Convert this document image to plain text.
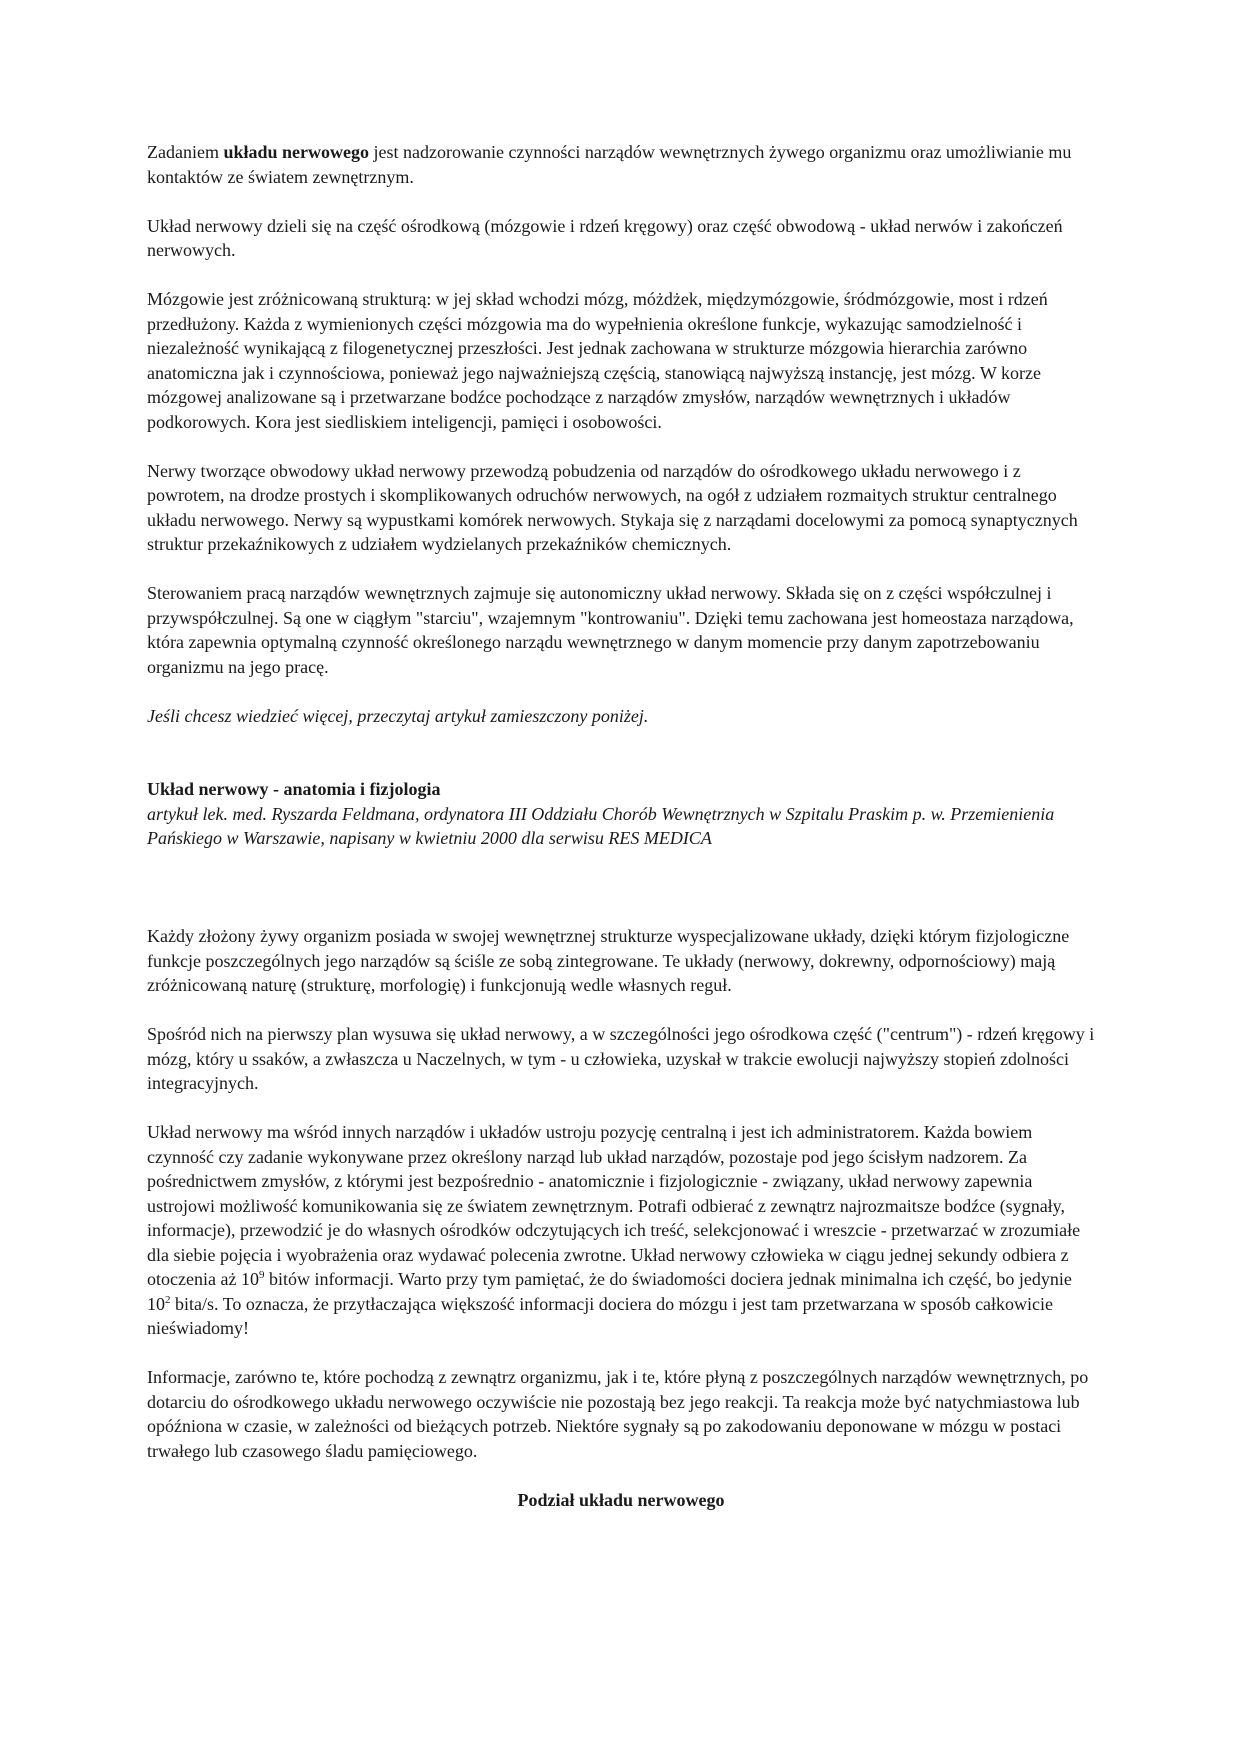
Zadaniem układu nerwowego jest nadzorowanie czynności narządów wewnętrznych żywego organizmu oraz umożliwianie mu kontaktów ze światem zewnętrznym.

Układ nerwowy dzieli się na część ośrodkową (mózgowie i rdzeń kręgowy) oraz część obwodową - układ nerwów i zakończeń nerwowych.

Mózgowie jest zróżnicowaną strukturą: w jej skład wchodzi mózg, móżdżek, międzymózgowie, śródmózgowie, most i rdzeń przedłużony. Każda z wymienionych części mózgowia ma do wypełnienia określone funkcje, wykazując samodzielność i niezależność wynikającą z filogenetycznej przeszłości. Jest jednak zachowana w strukturze mózgowia hierarchia zarówno anatomiczna jak i czynnościowa, ponieważ jego najważniejszą częścią, stanowiącą najwyższą instancję, jest mózg. W korze mózgowej analizowane są i przetwarzane bodźce pochodzące z narządów zmysłów, narządów wewnętrznych i układów podkorowych. Kora jest siedliskiem inteligencji, pamięci i osobowości.

Nerwy tworzące obwodowy układ nerwowy przewodzą pobudzenia od narządów do ośrodkowego układu nerwowego i z powrotem, na drodze prostych i skomplikowanych odruchów nerwowych, na ogół z udziałem rozmaitych struktur centralnego układu nerwowego. Nerwy są wypustkami komórek nerwowych. Stykaja się z narządami docelowymi za pomocą synaptycznych struktur przekaźnikowych z udziałem wydzielanych przekaźników chemicznych.

Sterowaniem pracą narządów wewnętrznych zajmuje się autonomiczny układ nerwowy. Składa się on z części współczulnej i przywspółczulnej. Są one w ciągłym "starciu", wzajemnym "kontrowaniu". Dzięki temu zachowana jest homeostaza narządowa, która zapewnia optymalną czynność określonego narządu wewnętrznego w danym momencie przy danym zapotrzebowaniu organizmu na jego pracę.

Jeśli chcesz wiedzieć więcej, przeczytaj artykuł zamieszczony poniżej.

Układ nerwowy - anatomia i fizjologia
artykuł lek. med. Ryszarda Feldmana, ordynatora III Oddziału Chorób Wewnętrznych w Szpitalu Praskim p. w. Przemienienia Pańskiego w Warszawie, napisany w kwietniu 2000 dla serwisu RES MEDICA

Każdy złożony żywy organizm posiada w swojej wewnętrznej strukturze wyspecjalizowane układy, dzięki którym fizjologiczne funkcje poszczególnych jego narządów są ściśle ze sobą zintegrowane. Te układy (nerwowy, dokrewny, odpornościowy) mają zróżnicowaną naturę (strukturę, morfologię) i funkcjonują wedle własnych reguł.

Spośród nich na pierwszy plan wysuwa się układ nerwowy, a w szczególności jego ośrodkowa część ("centrum") - rdzeń kręgowy i mózg, który u ssaków, a zwłaszcza u Naczelnych, w tym - u człowieka, uzyskał w trakcie ewolucji najwyższy stopień zdolności integracyjnych.

Układ nerwowy ma wśród innych narządów i układów ustroju pozycję centralną i jest ich administratorem. Każda bowiem czynność czy zadanie wykonywane przez określony narząd lub układ narządów, pozostaje pod jego ścisłym nadzorem. Za pośrednictwem zmysłów, z którymi jest bezpośrednio - anatomicznie i fizjologicznie - związany, układ nerwowy zapewnia ustrojowi możliwość komunikowania się ze światem zewnętrznym. Potrafi odbierać z zewnątrz najrozmaitsze bodźce (sygnały, informacje), przewodzić je do własnych ośrodków odczytujących ich treść, selekcjonować i wreszcie - przetwarzać w zrozumiałe dla siebie pojęcia i wyobrażenia oraz wydawać polecenia zwrotne. Układ nerwowy człowieka w ciągu jednej sekundy odbiera z otoczenia aż $10^9$ bitów informacji. Warto przy tym pamiętać, że do świadomości dociera jednak minimalna ich część, bo jedynie $10^2$ bita/s. To oznacza, że przytłaczająca większość informacji dociera do mózgu i jest tam przetwarzana w sposób całkowicie nieświadomy!

Informacje, zarówno te, które pochodzą z zewnątrz organizmu, jak i te, które płyną z poszczególnych narządów wewnętrznych, po dotarciu do ośrodkowego układu nerwowego oczywiście nie pozostają bez jego reakcji. Ta reakcja może być natychmiastowa lub opóźniona w czasie, w zależności od bieżących potrzeb. Niektóre sygnały są po zakodowaniu deponowane w mózgu w postaci trwałego lub czasowego śladu pamięciowego.

Podział układu nerwowego
